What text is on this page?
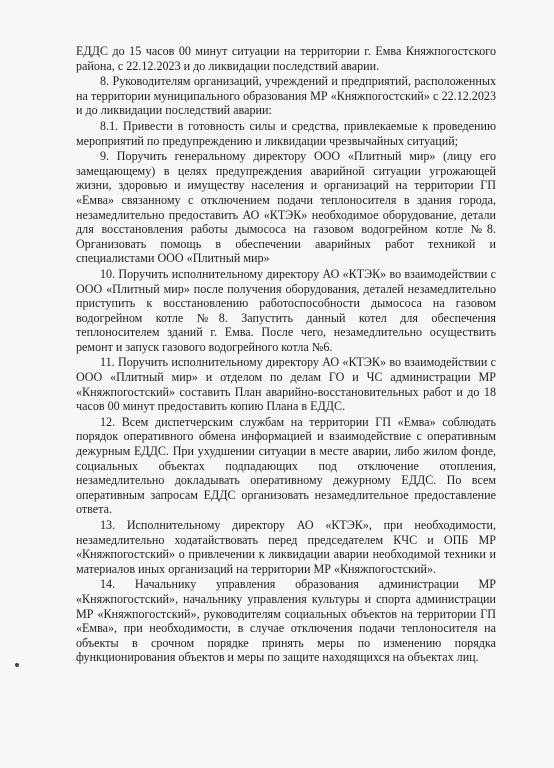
ЕДДС до 15 часов 00 минут ситуации на территории г. Емва Княжпогостского района, с 22.12.2023 и до ликвидации последствий аварии.

8. Руководителям организаций, учреждений и предприятий, расположенных на территории муниципального образования МР «Княжпогостский» с 22.12.2023 и до ликвидации последствий аварии:

8.1. Привести в готовность силы и средства, привлекаемые к проведению мероприятий по предупреждению и ликвидации чрезвычайных ситуаций;

9. Поручить генеральному директору ООО «Плитный мир» (лицу его замещающему) в целях предупреждения аварийной ситуации угрожающей жизни, здоровью и имуществу населения и организаций на территории ГП «Емва» связанному с отключением подачи теплоносителя в здания города, незамедлительно предоставить АО «КТЭК» необходимое оборудование, детали для восстановления работы дымососа на газовом водогрейном котле №8. Организовать помощь в обеспечении аварийных работ техникой и специалистами ООО «Плитный мир»

10. Поручить исполнительному директору АО «КТЭК» во взаимодействии с ООО «Плитный мир» после получения оборудования, деталей незамедлительно приступить к восстановлению работоспособности дымососа на газовом водогрейном котле №8. Запустить данный котел для обеспечения теплоносителем зданий г. Емва. После чего, незамедлительно осуществить ремонт и запуск газового водогрейного котла №6.

11. Поручить исполнительному директору АО «КТЭК» во взаимодействии с ООО «Плитный мир» и отделом по делам ГО и ЧС администрации МР «Княжпогостский» составить План аварийно-восстановительных работ и до 18 часов 00 минут предоставить копию Плана в ЕДДС.

12. Всем диспетчерским службам на территории ГП «Емва» соблюдать порядок оперативного обмена информацией и взаимодействие с оперативным дежурным ЕДДС. При ухудшении ситуации в месте аварии, либо жилом фонде, социальных объектах подпадающих под отключение отопления, незамедлительно докладывать оперативному дежурному ЕДДС. По всем оперативным запросам ЕДДС организовать незамедлительное предоставление ответа.

13. Исполнительному директору АО «КТЭК», при необходимости, незамедлительно ходатайствовать перед председателем КЧС и ОПБ МР «Княжпогостский» о привлечении к ликвидации аварии необходимой техники и материалов иных организаций на территории МР «Княжпогостский».

14. Начальнику управления образования администрации МР «Княжпогостский», начальнику управления культуры и спорта администрации МР «Княжпогостский», руководителям социальных объектов на территории ГП «Емва», при необходимости, в случае отключения подачи теплоносителя на объекты в срочном порядке принять меры по изменению порядка функционирования объектов и меры по защите находящихся на объектах лиц.
